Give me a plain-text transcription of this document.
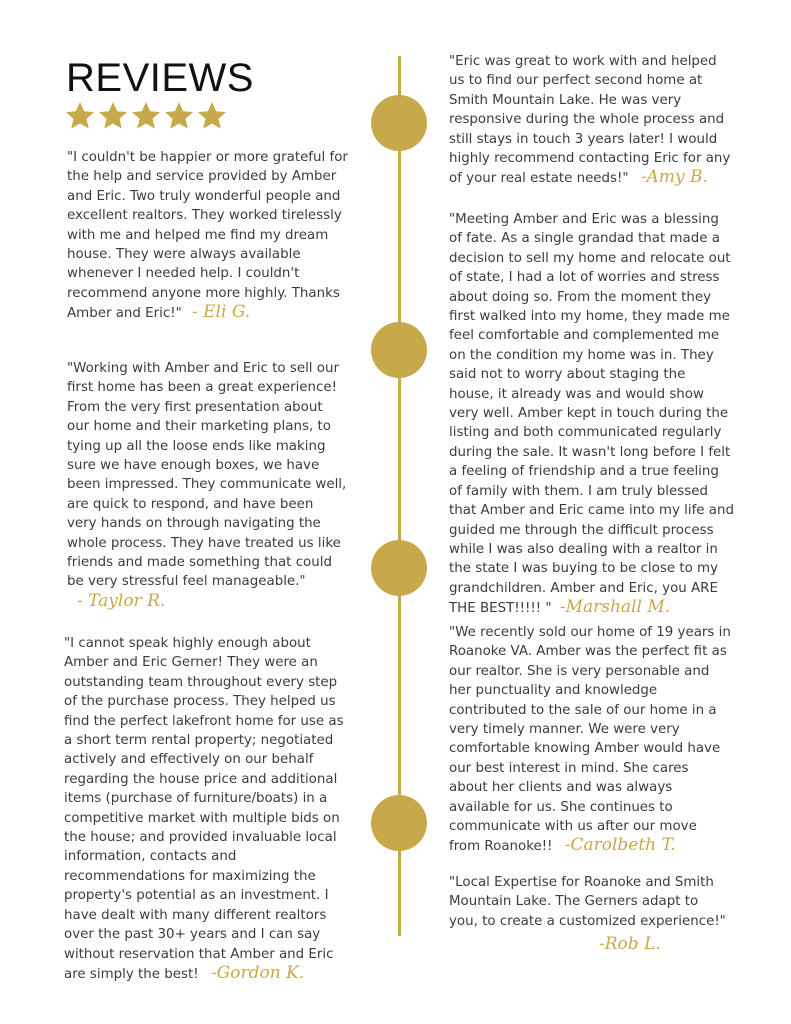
REVIEWS

"I couldn't be happier or more grateful for the help and service provided by Amber and Eric. Two truly wonderful people and excellent realtors. They worked tirelessly with me and helped me find my dream house. They were always available whenever I needed help. I couldn't recommend anyone more highly. Thanks Amber and Eric!" - Eli G.

"Working with Amber and Eric to sell our first home has been a great experience! From the very first presentation about our home and their marketing plans, to tying up all the loose ends like making sure we have enough boxes, we have been impressed. They communicate well, are quick to respond, and have been very hands on through navigating the whole process. They have treated us like friends and made something that could be very stressful feel manageable." - Taylor R.

"I cannot speak highly enough about Amber and Eric Gerner! They were an outstanding team throughout every step of the purchase process. They helped us find the perfect lakefront home for use as a short term rental property; negotiated actively and effectively on our behalf regarding the house price and additional items (purchase of furniture/boats) in a competitive market with multiple bids on the house; and provided invaluable local information, contacts and recommendations for maximizing the property's potential as an investment. I have dealt with many different realtors over the past 30+ years and I can say without reservation that Amber and Eric are simply the best! -Gordon K.

"Eric was great to work with and helped us to find our perfect second home at Smith Mountain Lake. He was very responsive during the whole process and still stays in touch 3 years later! I would highly recommend contacting Eric for any of your real estate needs!" -Amy B.

"Meeting Amber and Eric was a blessing of fate. As a single grandad that made a decision to sell my home and relocate out of state, I had a lot of worries and stress about doing so. From the moment they first walked into my home, they made me feel comfortable and complemented me on the condition my home was in. They said not to worry about staging the house, it already was and would show very well. Amber kept in touch during the listing and both communicated regularly during the sale. It wasn't long before I felt a feeling of friendship and a true feeling of family with them. I am truly blessed that Amber and Eric came into my life and guided me through the difficult process while I was also dealing with a realtor in the state I was buying to be close to my grandchildren. Amber and Eric, you ARE THE BEST!!!!! " -Marshall M.

"We recently sold our home of 19 years in Roanoke VA. Amber was the perfect fit as our realtor. She is very personable and her punctuality and knowledge contributed to the sale of our home in a very timely manner. We were very comfortable knowing Amber would have our best interest in mind. She cares about her clients and was always available for us. She continues to communicate with us after our move from Roanoke!! -Carolbeth T.

"Local Expertise for Roanoke and Smith Mountain Lake. The Gerners adapt to you, to create a customized experience!"
-Rob L.
